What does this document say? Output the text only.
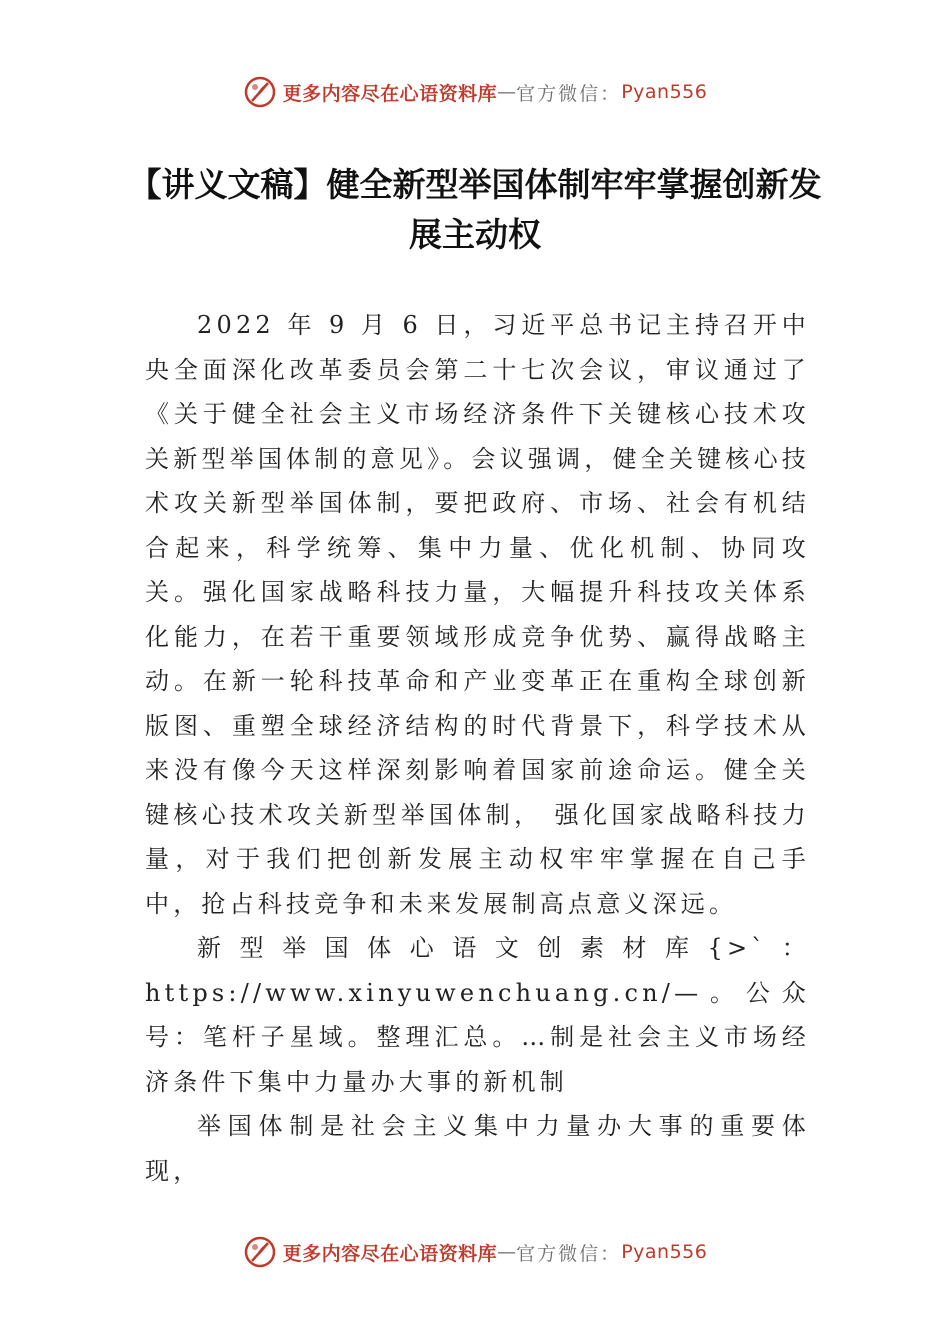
更多内容尽在心语资料库 — 官方微信： Pyan556
【讲义文稿】健全新型举国体制牢牢掌握创新发展主动权

2022 年 9 月 6 日，习近平总书记主持召开中央全面深化改革委员会第二十七次会议，审议通过了《关于健全社会主义市场经济条件下关键核心技术攻关新型举国体制的意见》。会议强调，健全关键核心技术攻关新型举国体制，要把政府、市场、社会有机结合起来，科学统筹、集中力量、优化机制、协同攻关。强化国家战略科技力量，大幅提升科技攻关体系化能力，在若干重要领域形成竞争优势、赢得战略主动。在新一轮科技革命和产业变革正在重构全球创新版图、重塑全球经济结构的时代背景下，科学技术从来没有像今天这样深刻影响着国家前途命运。健全关键核心技术攻关新型举国体制， 强化国家战略科技力量，对于我们把创新发展主动权牢牢掌握在自己手中，抢占科技竞争和未来发展制高点意义深远。

新型举国体心语文创素材库{>`：https://www.xinyuwenchuang.cn/—。公众号：笔杆子星域。整理汇总。…制是社会主义市场经济条件下集中力量办大事的新机制

举国体制是社会主义集中力量办大事的重要体现，

更多内容尽在心语资料库 — 官方微信： Pyan556
